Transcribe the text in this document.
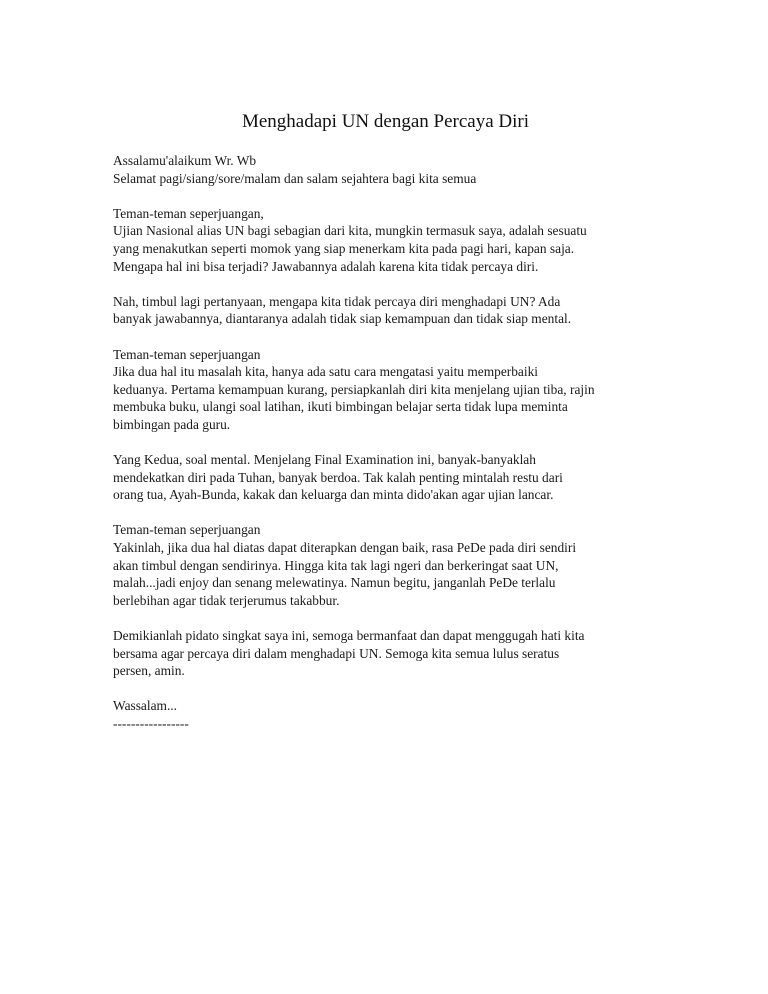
Menghadapi UN dengan Percaya Diri

Assalamu'alaikum Wr. Wb
Selamat pagi/siang/sore/malam dan salam sejahtera bagi kita semua

Teman-teman seperjuangan,
Ujian Nasional alias UN bagi sebagian dari kita, mungkin termasuk saya, adalah sesuatu
yang menakutkan seperti momok yang siap menerkam kita pada pagi hari, kapan saja.
Mengapa hal ini bisa terjadi? Jawabannya adalah karena kita tidak percaya diri.

Nah, timbul lagi pertanyaan, mengapa kita tidak percaya diri menghadapi UN? Ada
banyak jawabannya, diantaranya adalah tidak siap kemampuan dan tidak siap mental.

Teman-teman seperjuangan
Jika dua hal itu masalah kita, hanya ada satu cara mengatasi yaitu memperbaiki
keduanya. Pertama kemampuan kurang, persiapkanlah diri kita menjelang ujian tiba, rajin
membuka buku, ulangi soal latihan, ikuti bimbingan belajar serta tidak lupa meminta
bimbingan pada guru.

Yang Kedua, soal mental. Menjelang Final Examination ini, banyak-banyaklah
mendekatkan diri pada Tuhan, banyak berdoa. Tak kalah penting mintalah restu dari
orang tua, Ayah-Bunda, kakak dan keluarga dan minta dido'akan agar ujian lancar.

Teman-teman seperjuangan
Yakinlah, jika dua hal diatas dapat diterapkan dengan baik, rasa PeDe pada diri sendiri
akan timbul dengan sendirinya. Hingga kita tak lagi ngeri dan berkeringat saat UN,
malah...jadi enjoy dan senang melewatinya. Namun begitu, janganlah PeDe terlalu
berlebihan agar tidak terjerumus takabbur.

Demikianlah pidato singkat saya ini, semoga bermanfaat dan dapat menggugah hati kita
bersama agar percaya diri dalam menghadapi UN. Semoga kita semua lulus seratus
persen, amin.

Wassalam...
-----------------
